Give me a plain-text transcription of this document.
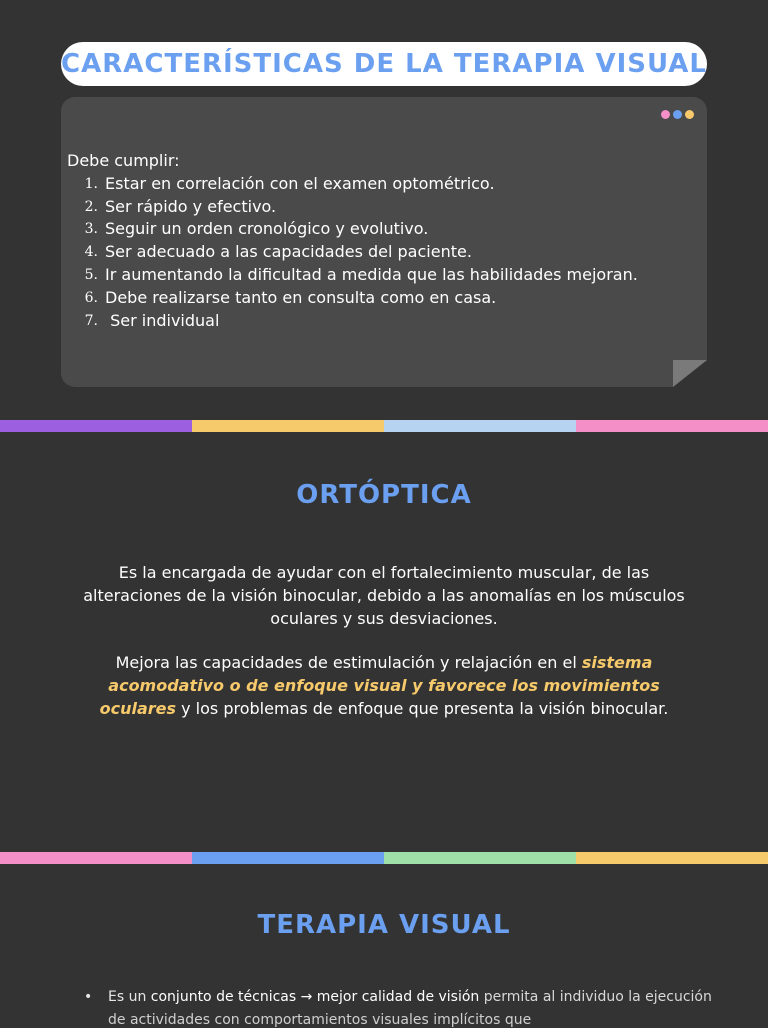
CARACTERÍSTICAS DE LA TERAPIA VISUAL
Debe cumplir:
1. Estar en correlación con el examen optométrico.
2. Ser rápido y efectivo.
3. Seguir un orden cronológico y evolutivo.
4. Ser adecuado a las capacidades del paciente.
5. Ir aumentando la dificultad a medida que las habilidades mejoran.
6. Debe realizarse tanto en consulta como en casa.
7. Ser individual
ORTÓPTICA
Es la encargada de ayudar con el fortalecimiento muscular, de las alteraciones de la visión binocular, debido a las anomalías en los músculos oculares y sus desviaciones.
Mejora las capacidades de estimulación y relajación en el sistema acomodativo o de enfoque visual y favorece los movimientos oculares y los problemas de enfoque que presenta la visión binocular.
TERAPIA VISUAL
•	Es un conjunto de técnicas → mejor calidad de visión permita al individuo la ejecución
de actividades con comportamientos visuales implícitos que
